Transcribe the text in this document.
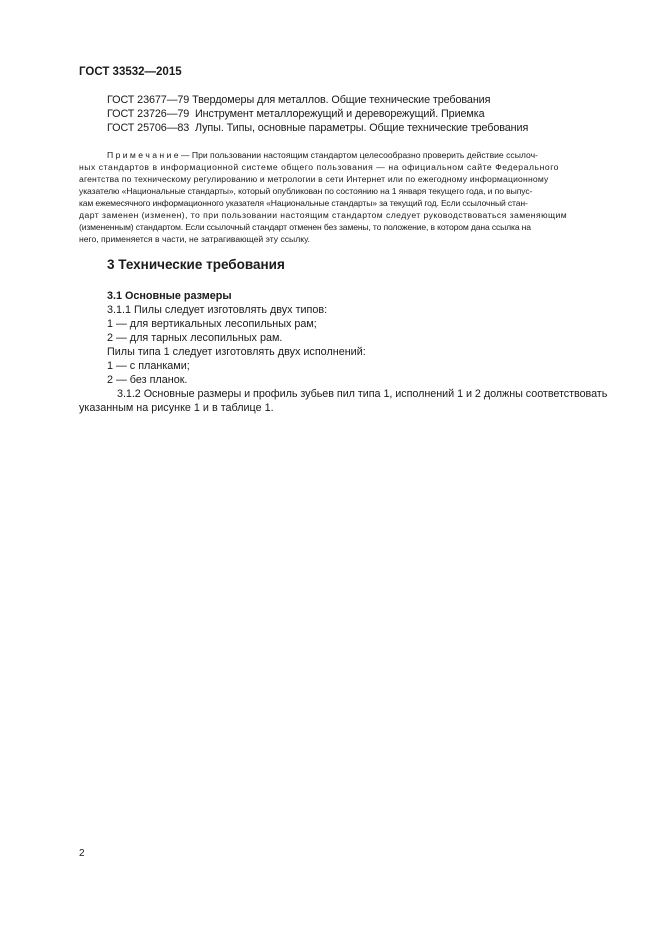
ГОСТ 33532—2015
ГОСТ 23677—79 Твердомеры для металлов. Общие технические требования
ГОСТ 23726—79 Инструмент металлорежущий и дереворежущий. Приемка
ГОСТ 25706—83 Лупы. Типы, основные параметры. Общие технические требования
П р и м е ч а н и е — При пользовании настоящим стандартом целесообразно проверить действие ссылоч-
ных стандартов в информационной системе общего пользования — на официальном сайте Федерального
агентства по техническому регулированию и метрологии в сети Интернет или по ежегодному информационному
указателю «Национальные стандарты», который опубликован по состоянию на 1 января текущего года, и по выпус-
кам ежемесячного информационного указателя «Национальные стандарты» за текущий год. Если ссылочный стан-
дарт заменен (изменен), то при пользовании настоящим стандартом следует руководствоваться заменяющим
(измененным) стандартом. Если ссылочный стандарт отменен без замены, то положение, в котором дана ссылка на
него, применяется в части, не затрагивающей эту ссылку.
3 Технические требования
3.1 Основные размеры
3.1.1 Пилы следует изготовлять двух типов:
1 — для вертикальных лесопильных рам;
2 — для тарных лесопильных рам.
Пилы типа 1 следует изготовлять двух исполнений:
1 — с планками;
2 — без планок.
3.1.2 Основные размеры и профиль зубьев пил типа 1, исполнений 1 и 2 должны соответствовать
указанным на рисунке 1 и в таблице 1.
2
